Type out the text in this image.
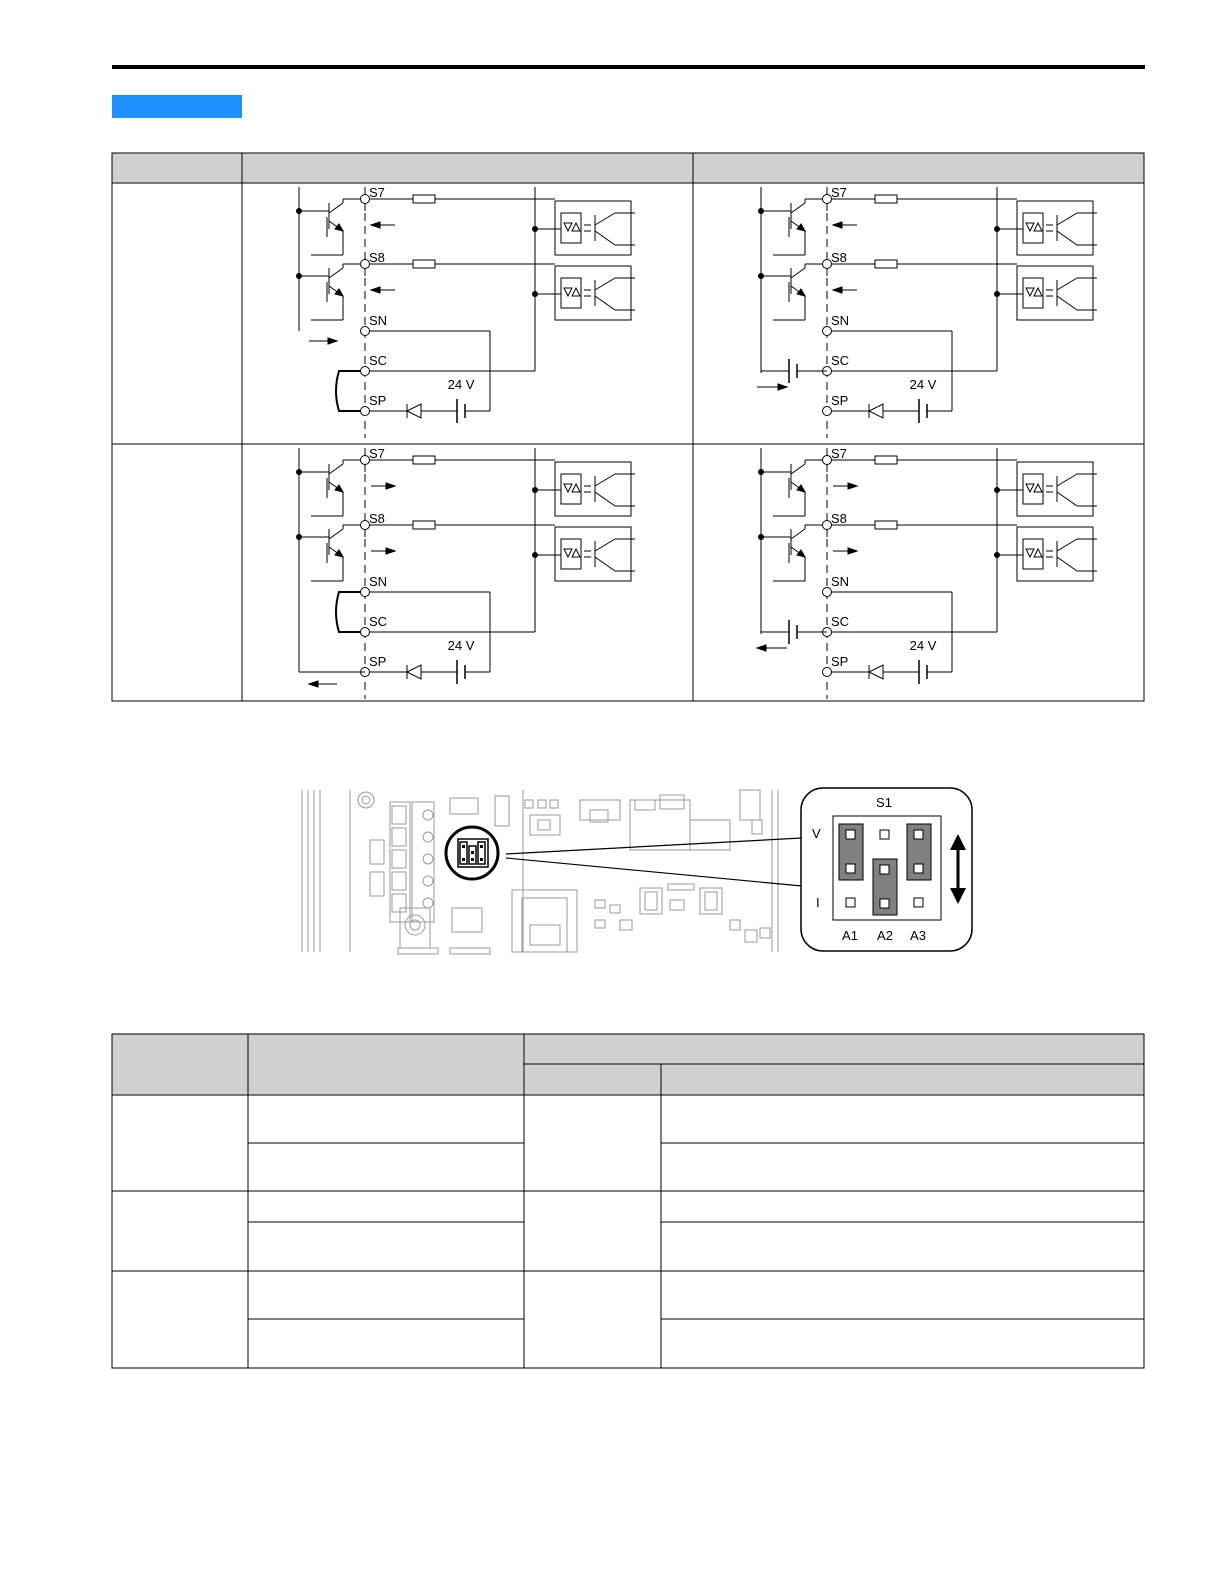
S7
S8
SN
SC
SP
24 V
24 Vdc power
supply output
S7
S8
SN
SC
SP
24 V
S7
S8
SN
SC
SP
24 V
24 Vdc power
supply output
S7
S8
SN
SC
SP
24 V
S1
V
I
A1 A2 A3
